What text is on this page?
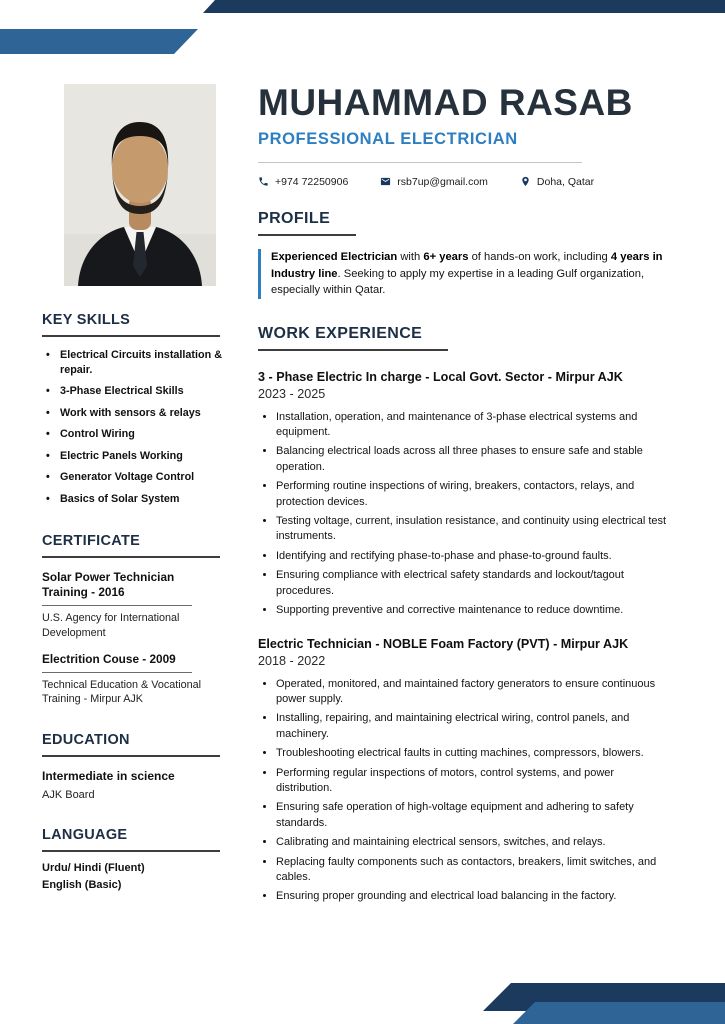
KEY SKILLS
• Electrical Circuits installation & repair.
• 3-Phase Electrical Skills
• Work with sensors & relays
• Control Wiring
• Electric Panels Working
• Generator Voltage Control
• Basics of Solar System
CERTIFICATE
Solar Power Technician Training - 2016
U.S. Agency for International Development
Electrition Couse - 2009
Technical Education & Vocational Training - Mirpur AJK
EDUCATION
Intermediate in science
AJK Board
LANGUAGE
Urdu/ Hindi (Fluent)
English (Basic)
MUHAMMAD RASAB
PROFESSIONAL ELECTRICIAN
+974 72250906	rsb7up@gmail.com	Doha, Qatar
PROFILE

Experienced Electrician with 6+ years of hands-on work, including 4 years in Industry line. Seeking to apply my expertise in a leading Gulf organization, especially within Qatar.

WORK EXPERIENCE
3 - Phase Electric In charge - Local Govt. Sector - Mirpur AJK
2023 - 2025
• Installation, operation, and maintenance of 3-phase electrical systems and equipment.
• Balancing electrical loads across all three phases to ensure safe and stable operation.
• Performing routine inspections of wiring, breakers, contactors, relays, and protection devices.
• Testing voltage, current, insulation resistance, and continuity using electrical test instruments.
• Identifying and rectifying phase-to-phase and phase-to-ground faults.
• Ensuring compliance with electrical safety standards and lockout/tagout procedures.
• Supporting preventive and corrective maintenance to reduce downtime.
Electric Technician - NOBLE Foam Factory (PVT) - Mirpur AJK
2018 - 2022
• Operated, monitored, and maintained factory generators to ensure continuous power supply.
• Installing, repairing, and maintaining electrical wiring, control panels, and machinery.
• Troubleshooting electrical faults in cutting machines, compressors, blowers.
• Performing regular inspections of motors, control systems, and power distribution.
• Ensuring safe operation of high-voltage equipment and adhering to safety standards.
• Calibrating and maintaining electrical sensors, switches, and relays.
• Replacing faulty components such as contactors, breakers, limit switches, and cables.
• Ensuring proper grounding and electrical load balancing in the factory.
